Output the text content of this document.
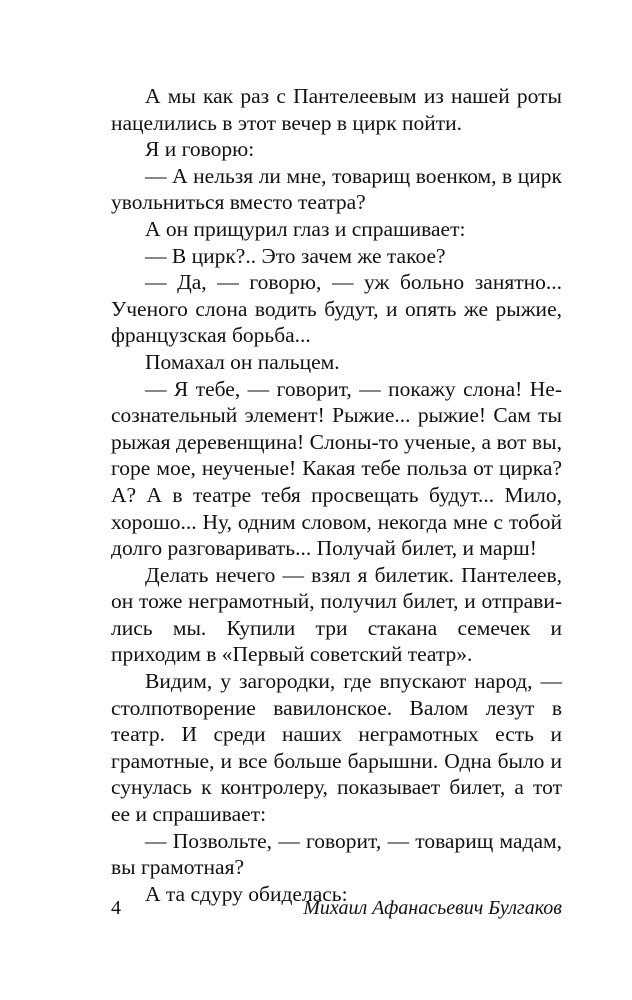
А мы как раз с Пантелеевым из нашей роты нацелились в этот вечер в цирк пойти.

Я и говорю:

— А нельзя ли мне, товарищ военком, в цирк увольниться вместо театра?

А он прищурил глаз и спрашивает:

— В цирк?.. Это зачем же такое?

— Да, — говорю, — уж больно занятно... Ученого слона водить будут, и опять же рыжие, французская борьба...

Помахал он пальцем.

— Я тебе, — говорит, — покажу слона! Несознательный элемент! Рыжие... рыжие! Сам ты рыжая деревенщина! Слоны-то ученые, а вот вы, горе мое, неученые! Какая тебе польза от цирка? А? А в театре тебя просвещать будут... Мило, хорошо... Ну, одним словом, некогда мне с тобой долго разговаривать... Получай билет, и марш!

Делать нечего — взял я билетик. Пантелеев, он тоже неграмотный, получил билет, и отправились мы. Купили три стакана семечек и приходим в «Первый советский театр».

Видим, у загородки, где впускают народ, — столпотворение вавилонское. Валом лезут в театр. И среди наших неграмотных есть и грамотные, и все больше барышни. Одна было и сунулась к контролеру, показывает билет, а тот ее и спрашивает:

— Позвольте, — говорит, — товарищ мадам, вы грамотная?

А та сдуру обиделась:

4	Михаил Афанасьевич Булгаков
